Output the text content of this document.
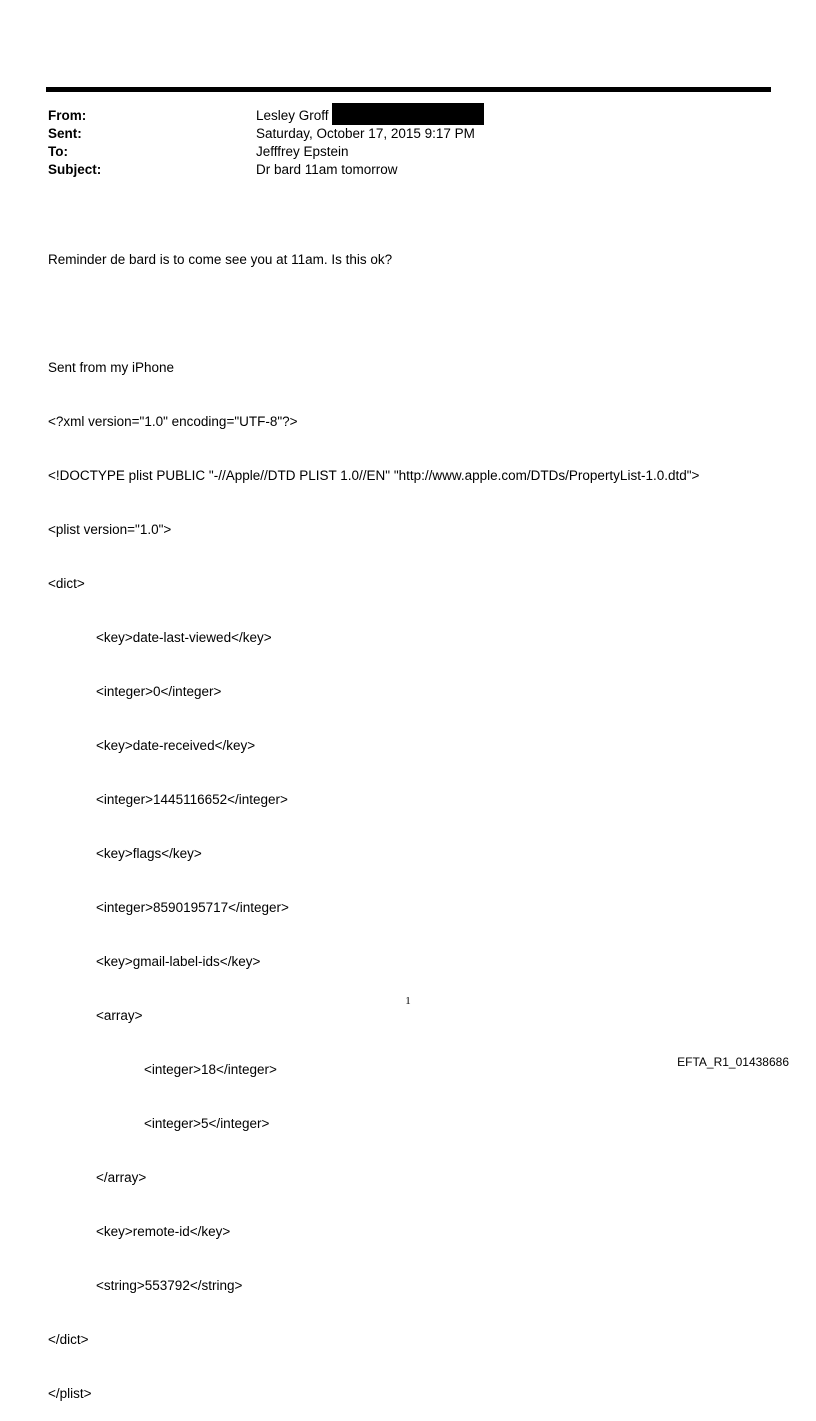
From:	Lesley Groff
Sent:	Saturday, October 17, 2015 9:17 PM
To:	Jefffrey Epstein
Subject:	Dr bard 11am tomorrow

Reminder de bard is to come see you at 11am. Is this ok?

Sent from my iPhone

<?xml version="1.0" encoding="UTF-8"?>

<!DOCTYPE plist PUBLIC "-//Apple//DTD PLIST 1.0//EN" "http://www.apple.com/DTDs/PropertyList-1.0.dtd">

<plist version="1.0">

<dict>

<key>date-last-viewed</key>

<integer>0</integer>

<key>date-received</key>

<integer>1445116652</integer>

<key>flags</key>

<integer>8590195717</integer>

<key>gmail-label-ids</key>

<array>

<integer>18</integer>

<integer>5</integer>

</array>

<key>remote-id</key>

<string>553792</string>

</dict>

</plist>

1
EFTA_R1_01438686
